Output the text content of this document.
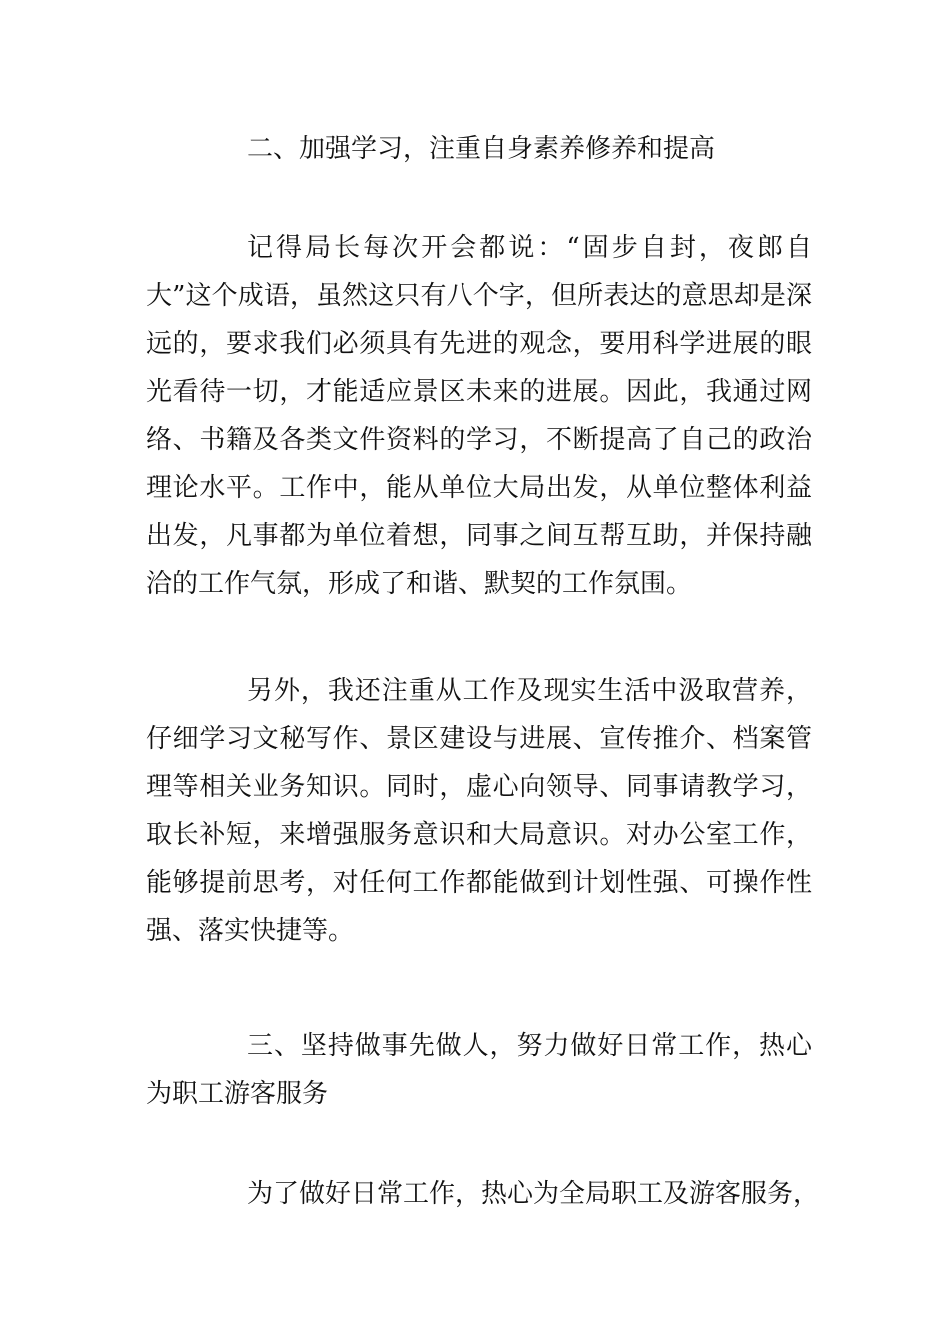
二、加强学习，注重自身素养修养和提高
记得局长每次开会都说：“固步自封，夜郎自大”这个成语，虽然这只有八个字，但所表达的意思却是深远的，要求我们必须具有先进的观念，要用科学进展的眼光看待一切，才能适应景区未来的进展。因此，我通过网络、书籍及各类文件资料的学习，不断提高了自己的政治理论水平。工作中，能从单位大局出发，从单位整体利益出发，凡事都为单位着想，同事之间互帮互助，并保持融洽的工作气氛，形成了和谐、默契的工作氛围。
另外，我还注重从工作及现实生活中汲取营养，仔细学习文秘写作、景区建设与进展、宣传推介、档案管理等相关业务知识。同时，虚心向领导、同事请教学习，取长补短，来增强服务意识和大局意识。对办公室工作，能够提前思考，对任何工作都能做到计划性强、可操作性强、落实快捷等。
三、坚持做事先做人，努力做好日常工作，热心为职工游客服务
为了做好日常工作，热心为全局职工及游客服务，
